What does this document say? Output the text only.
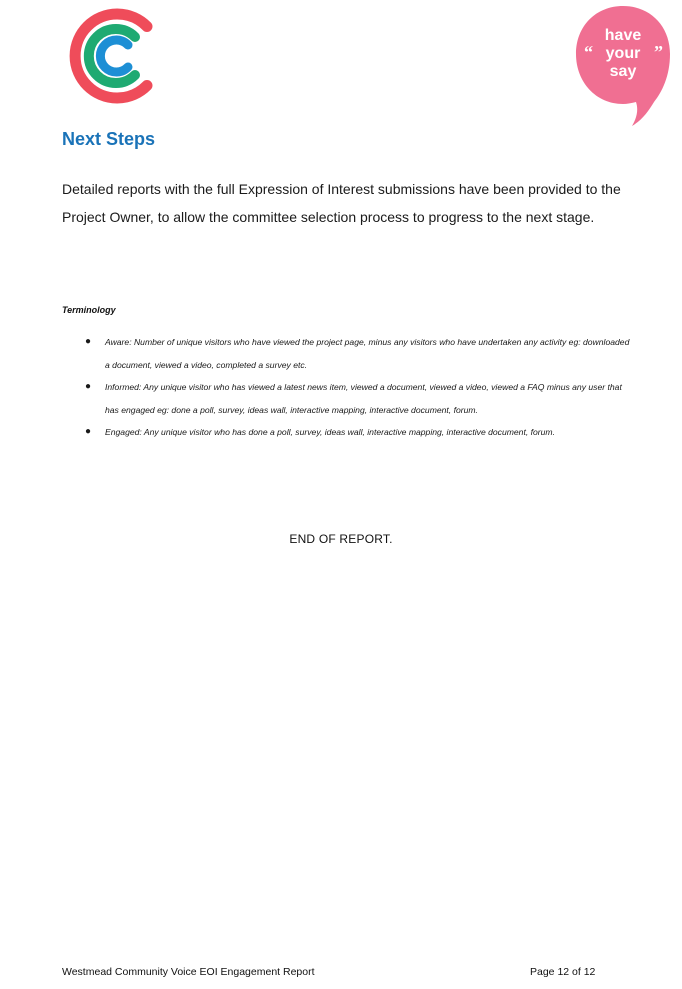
have
your
say
“	”
Next Steps

Detailed reports with the full Expression of Interest submissions have been provided to the Project Owner, to allow the committee selection process to progress to the next stage.

Terminology

● Aware: Number of unique visitors who have viewed the project page, minus any visitors who have undertaken any activity eg: downloaded a document, viewed a video, completed a survey etc.
● Informed: Any unique visitor who has viewed a latest news item, viewed a document, viewed a video, viewed a FAQ minus any user that has engaged eg: done a poll, survey, ideas wall, interactive mapping, interactive document, forum.
● Engaged: Any unique visitor who has done a poll, survey, ideas wall, interactive mapping, interactive document, forum.

END OF REPORT.

Westmead Community Voice EOI Engagement Report	Page 12 of 12
